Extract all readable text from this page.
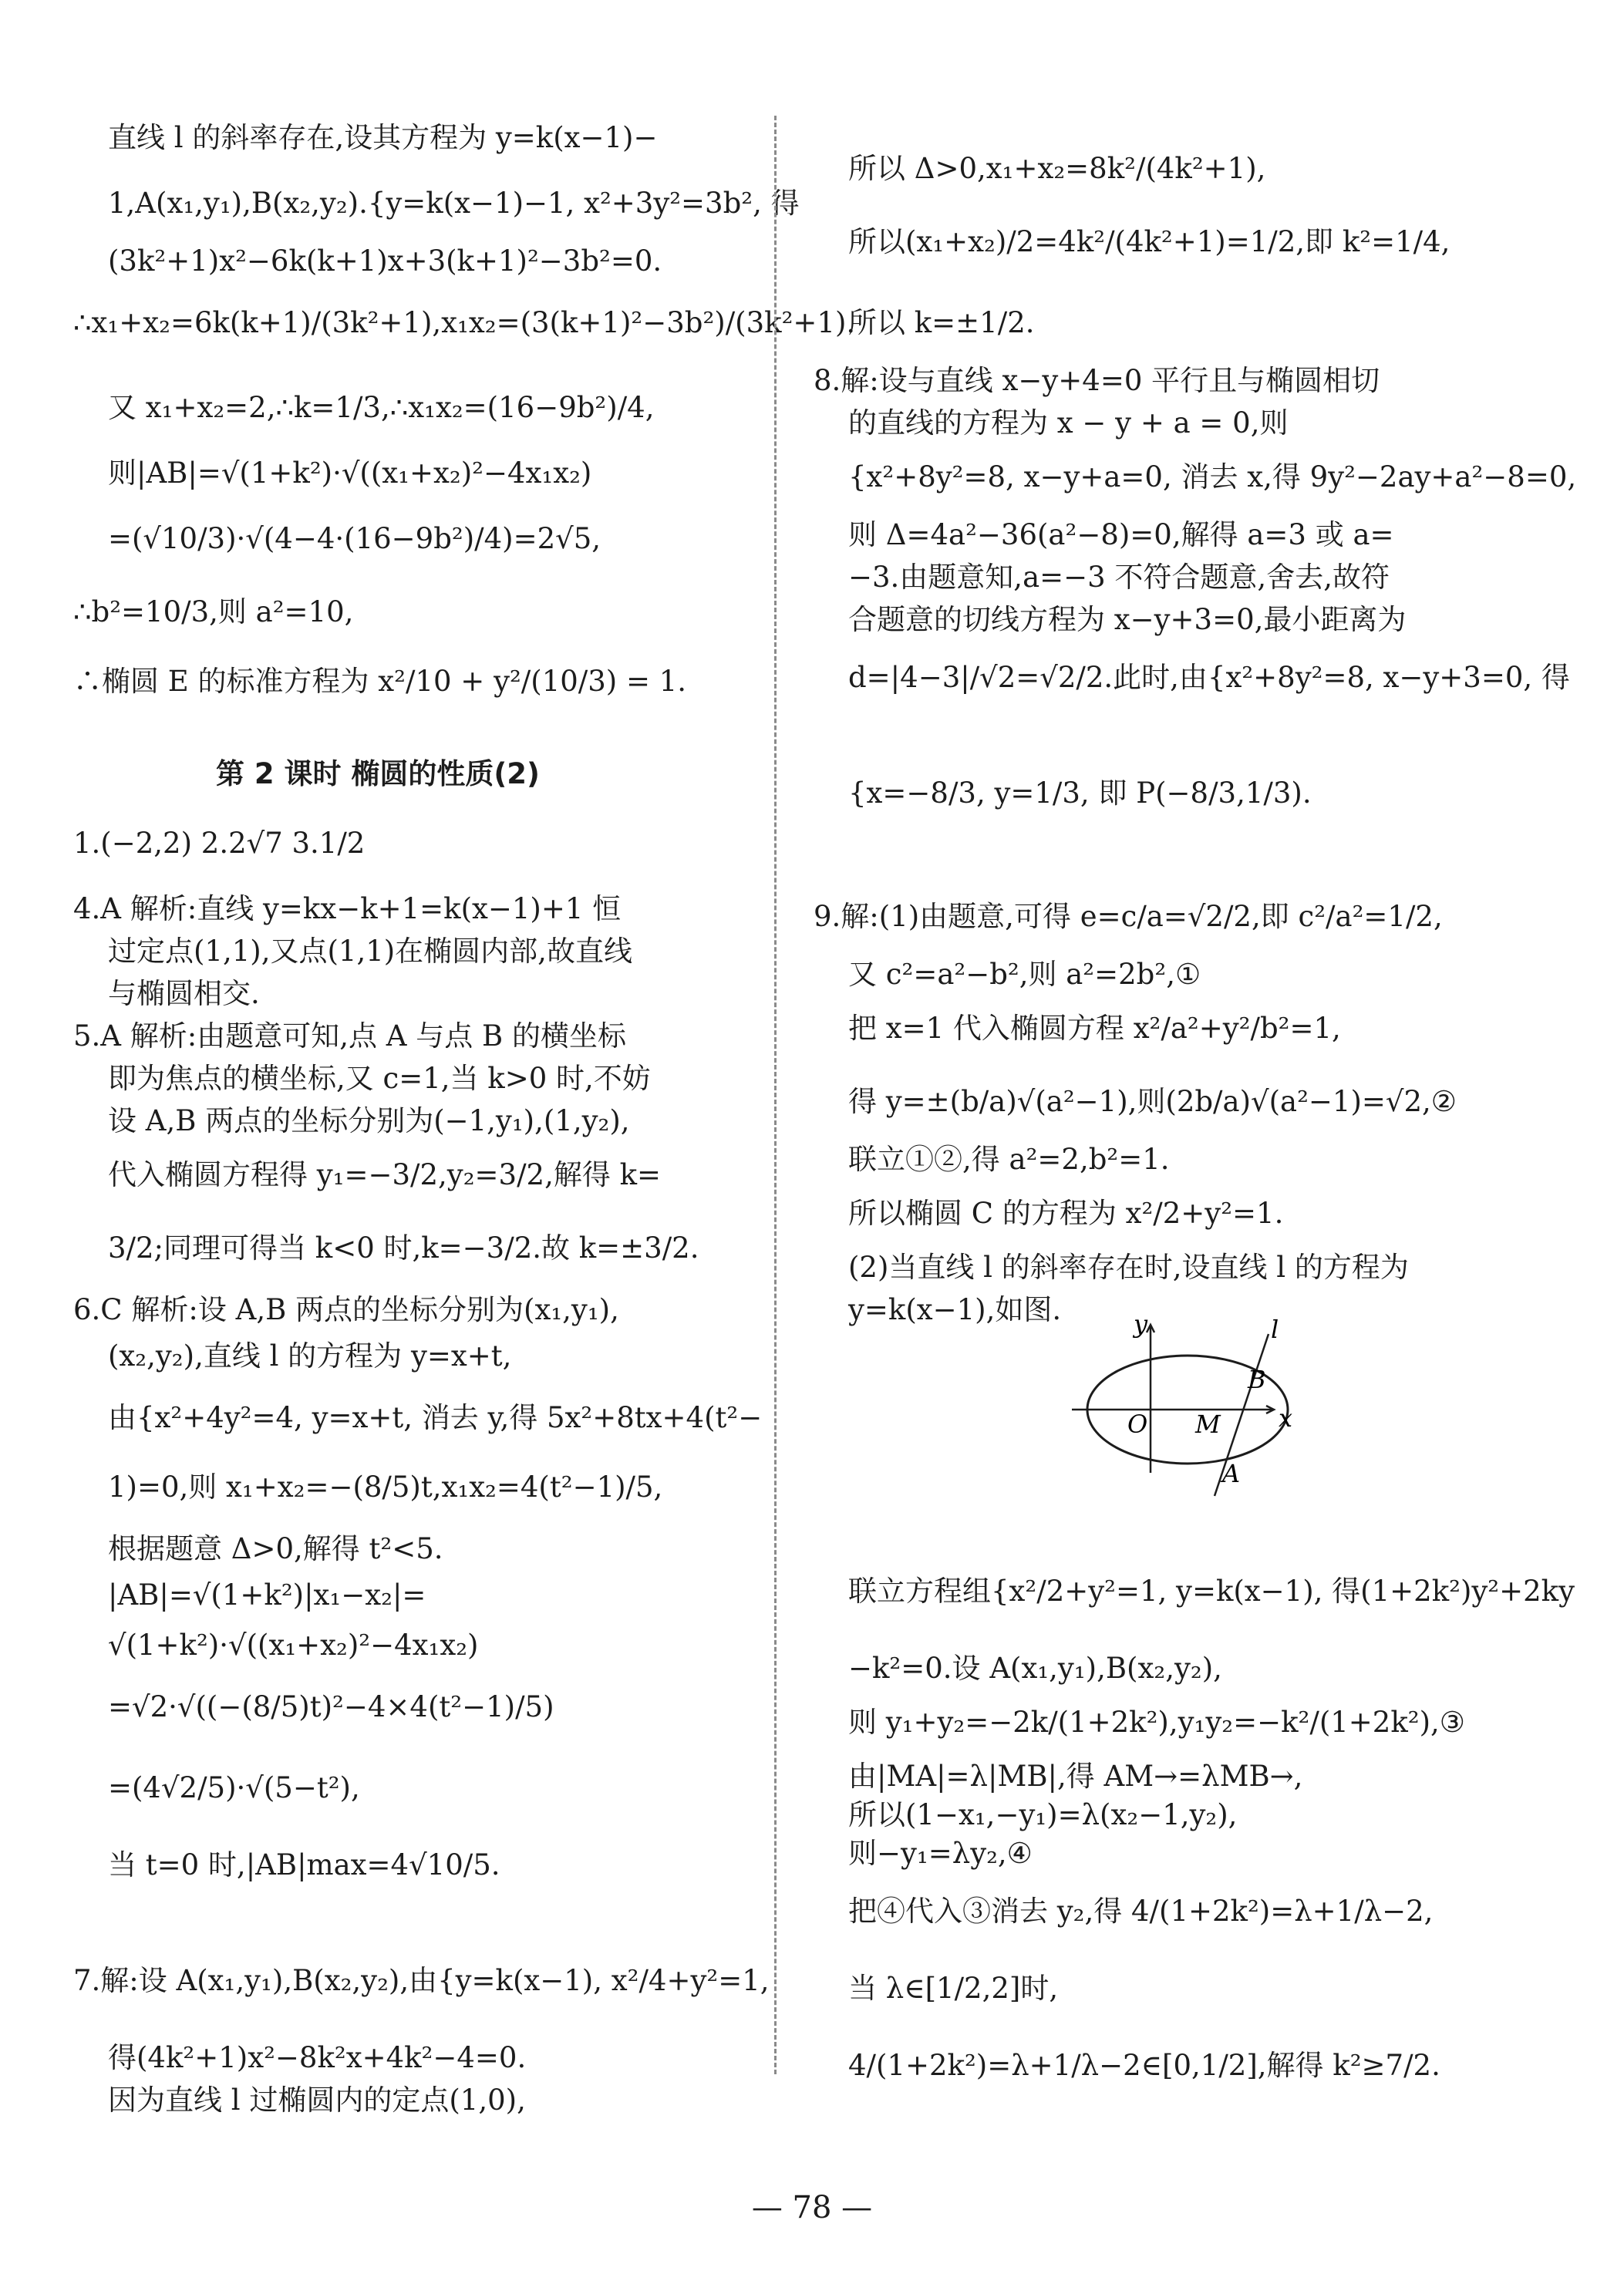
直线 l 的斜率存在,设其方程为 y=k(x−1)−
1,A(x₁,y₁),B(x₂,y₂).{y=k(x−1)−1, x²+3y²=3b², 得
(3k²+1)x²−6k(k+1)x+3(k+1)²−3b²=0.
∴x₁+x₂=6k(k+1)/(3k²+1),x₁x₂=(3(k+1)²−3b²)/(3k²+1).
又 x₁+x₂=2,∴k=1/3,∴x₁x₂=(16−9b²)/4,
则|AB|=√(1+k²)·√((x₁+x₂)²−4x₁x₂)
=(√10/3)·√(4−4·(16−9b²)/4)=2√5,
∴b²=10/3,则 a²=10,
∴椭圆 E 的标准方程为 x²/10 + y²/(10/3) = 1.
第 2 课时 椭圆的性质(2)
1.(−2,2) 2.2√7 3.1/2
4.A 解析:直线 y=kx−k+1=k(x−1)+1 恒
过定点(1,1),又点(1,1)在椭圆内部,故直线
与椭圆相交.
5.A 解析:由题意可知,点 A 与点 B 的横坐标
即为焦点的横坐标,又 c=1,当 k>0 时,不妨
设 A,B 两点的坐标分别为(−1,y₁),(1,y₂),
代入椭圆方程得 y₁=−3/2,y₂=3/2,解得 k=
3/2;同理可得当 k<0 时,k=−3/2.故 k=±3/2.
6.C 解析:设 A,B 两点的坐标分别为(x₁,y₁),
(x₂,y₂),直线 l 的方程为 y=x+t,
由{x²+4y²=4, y=x+t, 消去 y,得 5x²+8tx+4(t²−
1)=0,则 x₁+x₂=−(8/5)t,x₁x₂=4(t²−1)/5,
根据题意 Δ>0,解得 t²<5.
|AB|=√(1+k²)|x₁−x₂|=
√(1+k²)·√((x₁+x₂)²−4x₁x₂)
=√2·√((−(8/5)t)²−4×4(t²−1)/5)
=(4√2/5)·√(5−t²),
当 t=0 时,|AB|max=4√10/5.
7.解:设 A(x₁,y₁),B(x₂,y₂),由{y=k(x−1), x²/4+y²=1,
得(4k²+1)x²−8k²x+4k²−4=0.
因为直线 l 过椭圆内的定点(1,0),
所以 Δ>0,x₁+x₂=8k²/(4k²+1),
所以(x₁+x₂)/2=4k²/(4k²+1)=1/2,即 k²=1/4,
所以 k=±1/2.
8.解:设与直线 x−y+4=0 平行且与椭圆相切
的直线的方程为 x − y + a = 0,则
{x²+8y²=8, x−y+a=0, 消去 x,得 9y²−2ay+a²−8=0,
则 Δ=4a²−36(a²−8)=0,解得 a=3 或 a=
−3.由题意知,a=−3 不符合题意,舍去,故符
合题意的切线方程为 x−y+3=0,最小距离为
d=|4−3|/√2=√2/2.此时,由{x²+8y²=8, x−y+3=0, 得
{x=−8/3, y=1/3, 即 P(−8/3,1/3).
9.解:(1)由题意,可得 e=c/a=√2/2,即 c²/a²=1/2,
又 c²=a²−b²,则 a²=2b²,①
把 x=1 代入椭圆方程 x²/a²+y²/b²=1,
得 y=±(b/a)√(a²−1),则(2b/a)√(a²−1)=√2,②
联立①②,得 a²=2,b²=1.
所以椭圆 C 的方程为 x²/2+y²=1.
(2)当直线 l 的斜率存在时,设直线 l 的方程为
y=k(x−1),如图.
联立方程组{x²/2+y²=1, y=k(x−1), 得(1+2k²)y²+2ky
−k²=0.设 A(x₁,y₁),B(x₂,y₂),
则 y₁+y₂=−2k/(1+2k²),y₁y₂=−k²/(1+2k²),③
由|MA|=λ|MB|,得 AM→=λMB→,
所以(1−x₁,−y₁)=λ(x₂−1,y₂),
则−y₁=λy₂,④
把④代入③消去 y₂,得 4/(1+2k²)=λ+1/λ−2,
当 λ∈[1/2,2]时,
4/(1+2k²)=λ+1/λ−2∈[0,1/2],解得 k²≥7/2.
y	l
B
O M x
A
— 78 —
